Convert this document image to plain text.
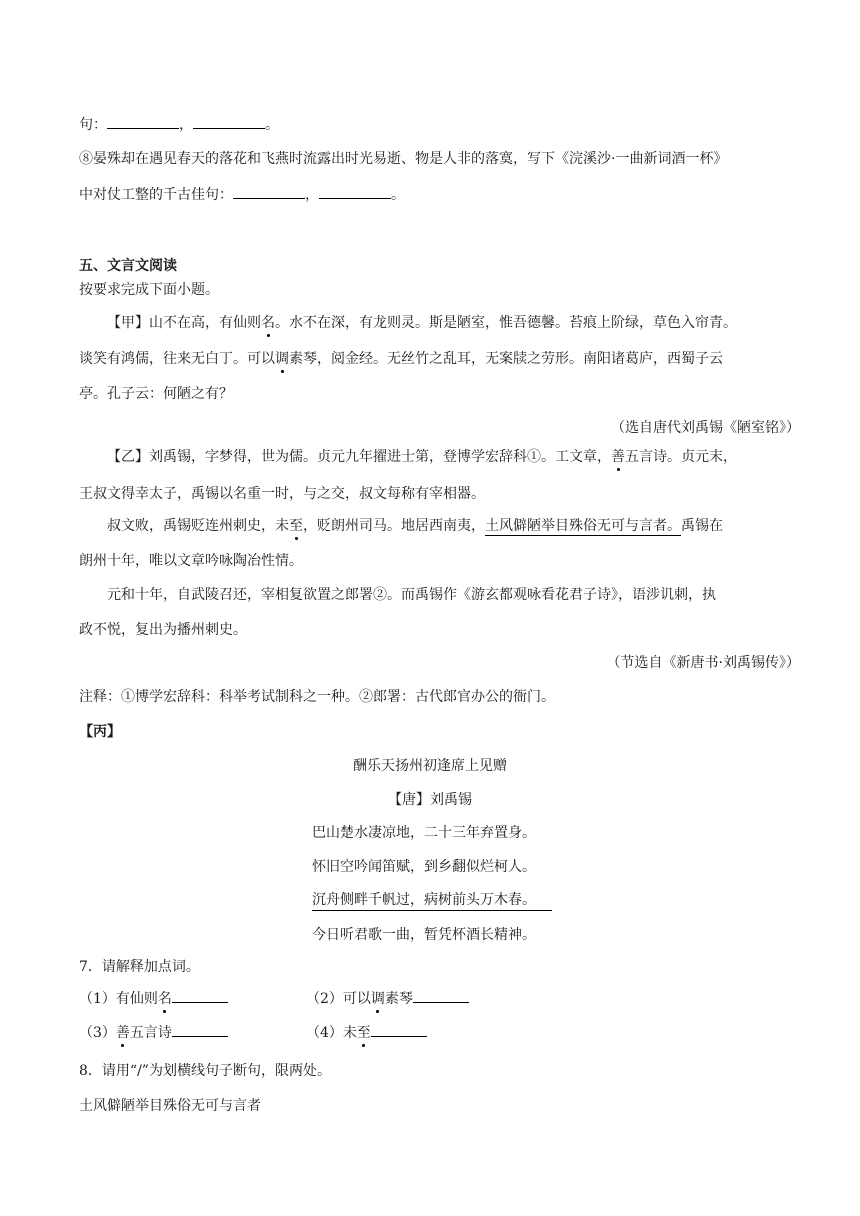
句：	，	。
⑧晏殊却在遇见春天的落花和飞燕时流露出时光易逝、物是人非的落寞，写下《浣溪沙·一曲新词酒一杯》
中对仗工整的千古佳句：	，	。
五、文言文阅读
按要求完成下面小题。
【甲】山不在高，有仙则名。水不在深，有龙则灵。斯是陋室，惟吾德馨。苔痕上阶绿，草色入帘青。
谈笑有鸿儒，往来无白丁。可以调素琴，阅金经。无丝竹之乱耳，无案牍之劳形。南阳诸葛庐，西蜀子云
亭。孔子云：何陋之有？
（选自唐代刘禹锡《陋室铭》）
【乙】刘禹锡，字梦得，世为儒。贞元九年擢进士第，登博学宏辞科①。工文章，善五言诗。贞元末，
王叔文得幸太子，禹锡以名重一时，与之交，叔文每称有宰相器。
叔文败，禹锡贬连州刺史，未至，贬朗州司马。地居西南夷，土风僻陋举目殊俗无可与言者。禹锡在
朗州十年，唯以文章吟咏陶冶性情。
元和十年，自武陵召还，宰相复欲置之郎署②。而禹锡作《游玄都观咏看花君子诗》，语涉讥刺，执
政不悦，复出为播州刺史。
（节选自《新唐书·刘禹锡传》）
注释：①博学宏辞科：科举考试制科之一种。②郎署：古代郎官办公的衙门。
【丙】
酬乐天扬州初逢席上见赠
【唐】刘禹锡
巴山楚水凄凉地，二十三年弃置身。
怀旧空吟闻笛赋，到乡翻似烂柯人。
沉舟侧畔千帆过，病树前头万木春。
今日听君歌一曲，暂凭杯酒长精神。
7．请解释加点词。
（1）有仙则名	（2）可以调素琴
（3）善五言诗	（4）未至
8．请用“/”为划横线句子断句，限两处。
土风僻陋举目殊俗无可与言者
